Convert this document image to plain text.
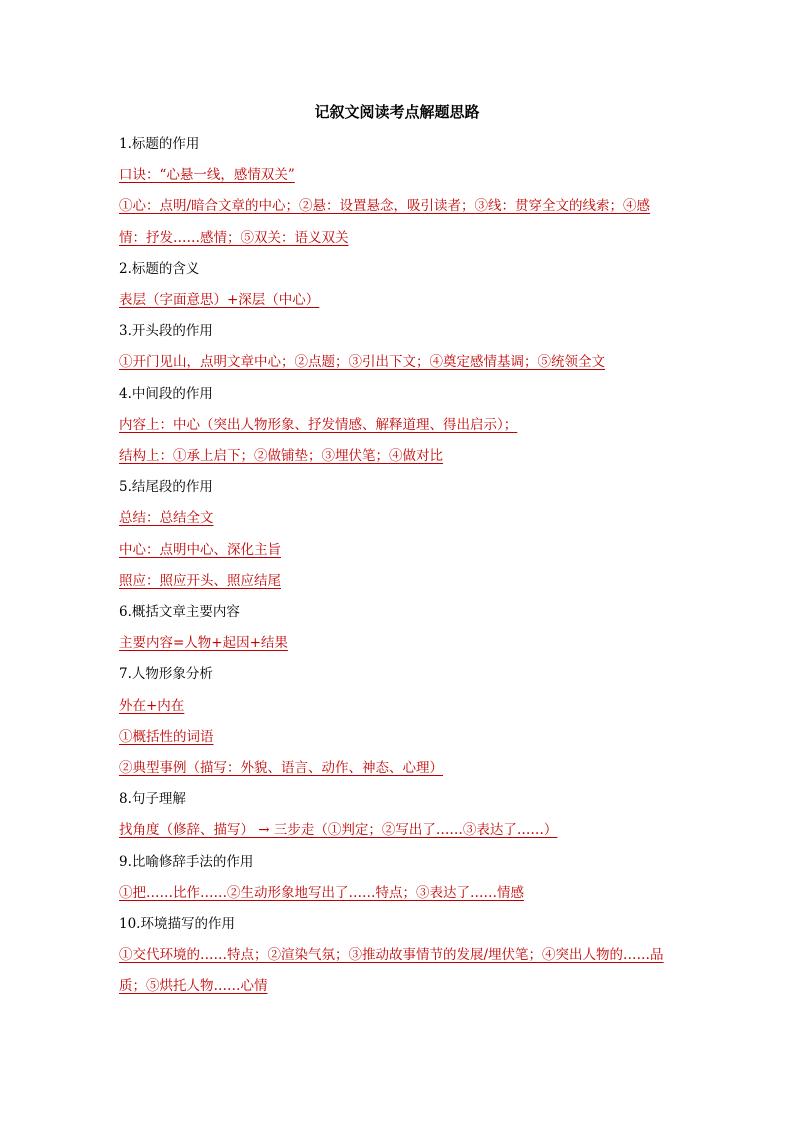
记叙文阅读考点解题思路
1.标题的作用
口诀：“心悬一线，感情双关”
①心：点明/暗合文章的中心；②悬：设置悬念，吸引读者；③线：贯穿全文的线索；④感
情：抒发……感情；⑤双关：语义双关
2.标题的含义
表层（字面意思）+深层（中心）
3.开头段的作用
①开门见山，点明文章中心；②点题；③引出下文；④奠定感情基调；⑤统领全文
4.中间段的作用
内容上：中心（突出人物形象、抒发情感、解释道理、得出启示）；
结构上：①承上启下；②做铺垫；③埋伏笔；④做对比
5.结尾段的作用
总结：总结全文
中心：点明中心、深化主旨
照应：照应开头、照应结尾
6.概括文章主要内容
主要内容=人物+起因+结果
7.人物形象分析
外在+内在
①概括性的词语
②典型事例（描写：外貌、语言、动作、神态、心理）
8.句子理解
找角度（修辞、描写） → 三步走（①判定；②写出了……③表达了……）
9.比喻修辞手法的作用
①把……比作……②生动形象地写出了……特点；③表达了……情感
10.环境描写的作用
①交代环境的……特点；②渲染气氛；③推动故事情节的发展/埋伏笔；④突出人物的……品
质；⑤烘托人物……心情
